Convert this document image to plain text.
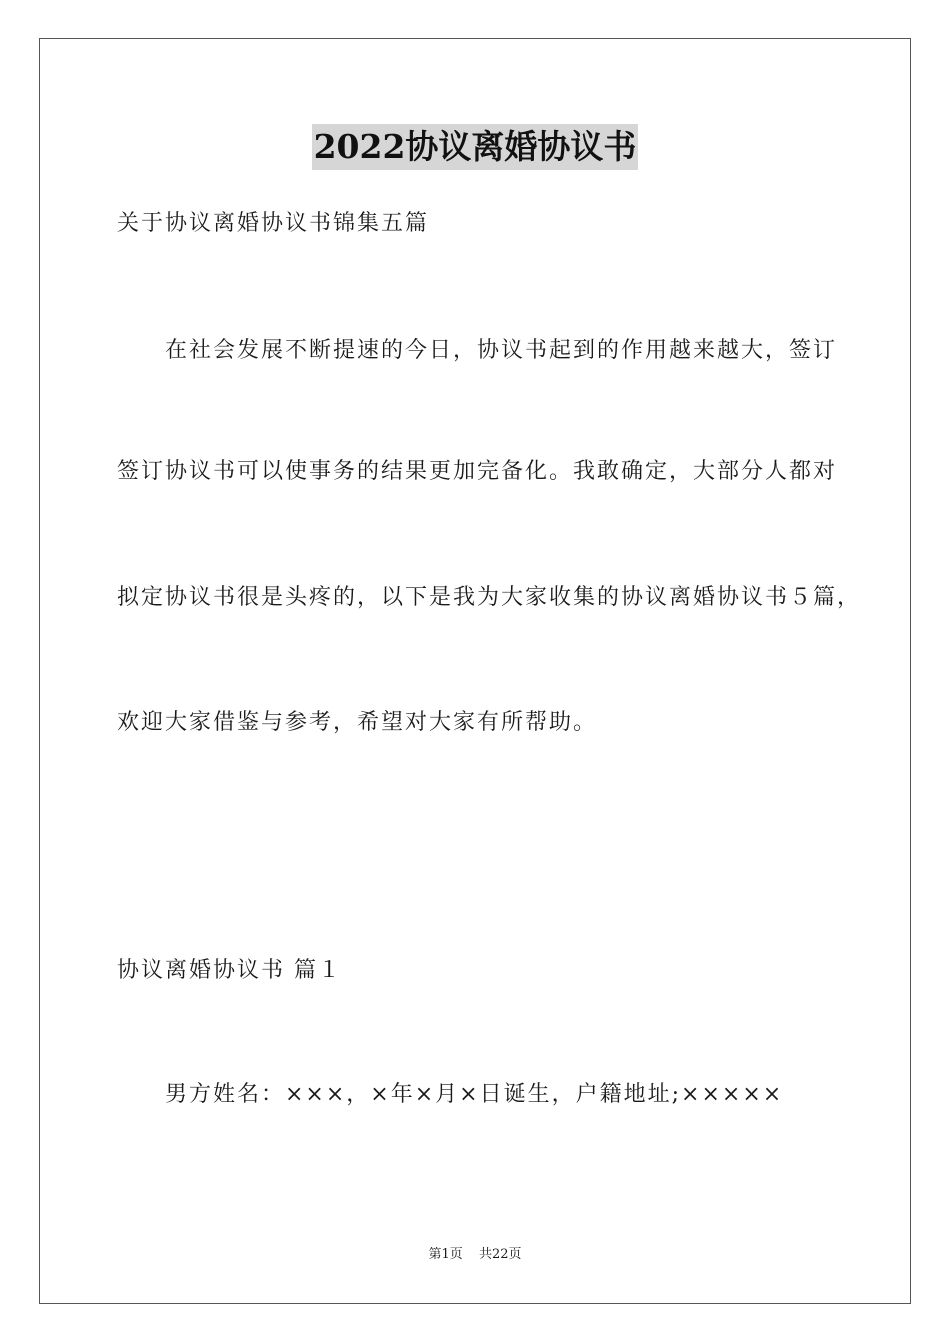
2022协议离婚协议书
关于协议离婚协议书锦集五篇
在社会发展不断提速的今日，协议书起到的作用越来越大，签订
签订协议书可以使事务的结果更加完备化。我敢确定，大部分人都对
拟定协议书很是头疼的，以下是我为大家收集的协议离婚协议书５篇，
欢迎大家借鉴与参考，希望对大家有所帮助。
协议离婚协议书 篇１
男方姓名：×××，×年×月×日诞生，户籍地址;×××××
第1页 共22页
